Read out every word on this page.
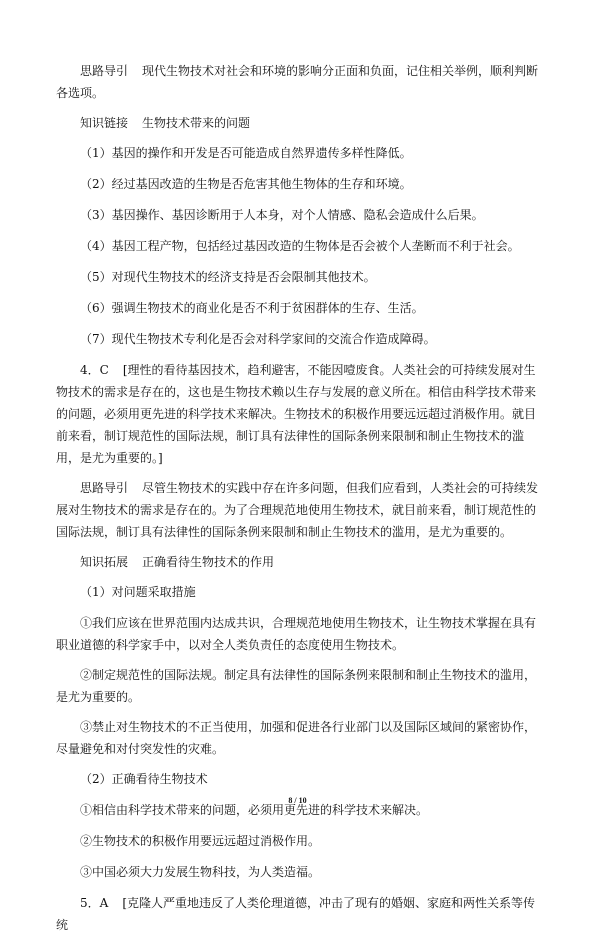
思路导引 现代生物技术对社会和环境的影响分正面和负面，记住相关举例，顺利判断各选项。

知识链接 生物技术带来的问题

（1）基因的操作和开发是否可能造成自然界遗传多样性降低。

（2）经过基因改造的生物是否危害其他生物体的生存和环境。

（3）基因操作、基因诊断用于人本身，对个人情感、隐私会造成什么后果。

（4）基因工程产物，包括经过基因改造的生物体是否会被个人垄断而不利于社会。

（5）对现代生物技术的经济支持是否会限制其他技术。

（6）强调生物技术的商业化是否不利于贫困群体的生存、生活。

（7）现代生物技术专利化是否会对科学家间的交流合作造成障碍。

4．C [理性的看待基因技术，趋利避害，不能因噎废食。人类社会的可持续发展对生物技术的需求是存在的，这也是生物技术赖以生存与发展的意义所在。相信由科学技术带来的问题，必须用更先进的科学技术来解决。生物技术的积极作用要远远超过消极作用。就目前来看，制订规范性的国际法规，制订具有法律性的国际条例来限制和制止生物技术的滥用，是尤为重要的。]

思路导引 尽管生物技术的实践中存在许多问题，但我们应看到，人类社会的可持续发展对生物技术的需求是存在的。为了合理规范地使用生物技术，就目前来看，制订规范性的国际法规，制订具有法律性的国际条例来限制和制止生物技术的滥用，是尤为重要的。

知识拓展 正确看待生物技术的作用

（1）对问题采取措施

①我们应该在世界范围内达成共识，合理规范地使用生物技术，让生物技术掌握在具有职业道德的科学家手中，以对全人类负责任的态度使用生物技术。

②制定规范性的国际法规。制定具有法律性的国际条例来限制和制止生物技术的滥用，是尤为重要的。

③禁止对生物技术的不正当使用，加强和促进各行业部门以及国际区域间的紧密协作，尽量避免和对付突发性的灾难。

（2）正确看待生物技术

①相信由科学技术带来的问题，必须用更先进的科学技术来解决。

②生物技术的积极作用要远远超过消极作用。

③中国必须大力发展生物科技，为人类造福。

5．A [克隆人严重地违反了人类伦理道德，冲击了现有的婚姻、家庭和两性关系等传统

8 / 10
